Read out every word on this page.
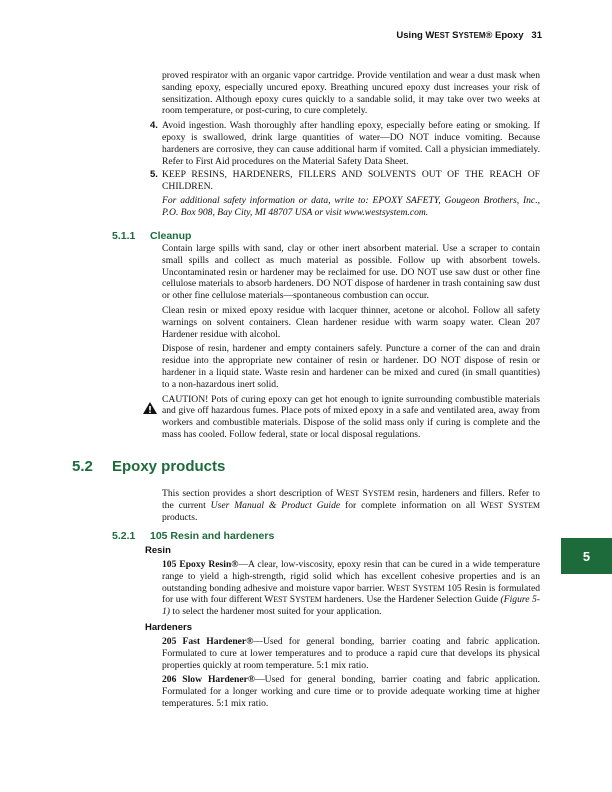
Using WEST SYSTEM® Epoxy 31

proved respirator with an organic vapor cartridge. Provide ventilation and wear a dust mask when sanding epoxy, especially uncured epoxy. Breathing uncured epoxy dust increases your risk of sensitization. Although epoxy cures quickly to a sandable solid, it may take over two weeks at room temperature, or post-curing, to cure completely.

4. Avoid ingestion. Wash thoroughly after handling epoxy, especially before eating or smoking. If epoxy is swallowed, drink large quantities of water—DO NOT induce vomiting. Because hardeners are corrosive, they can cause additional harm if vomited. Call a physician immediately. Refer to First Aid procedures on the Material Safety Data Sheet.
5. KEEP RESINS, HARDENERS, FILLERS AND SOLVENTS OUT OF THE REACH OF CHILDREN.

For additional safety information or data, write to: EPOXY SAFETY, Gougeon Brothers, Inc., P.O. Box 908, Bay City, MI 48707 USA or visit www.westsystem.com.

5.1.1 Cleanup

Contain large spills with sand, clay or other inert absorbent material. Use a scraper to contain small spills and collect as much material as possible. Follow up with absorbent towels. Uncontaminated resin or hardener may be reclaimed for use. DO NOT use saw dust or other fine cellulose materials to absorb hardeners. DO NOT dispose of hardener in trash containing saw dust or other fine cellulose materials—spontaneous combustion can occur.

Clean resin or mixed epoxy residue with lacquer thinner, acetone or alcohol. Follow all safety warnings on solvent containers. Clean hardener residue with warm soapy water. Clean 207 Hardener residue with alcohol.

Dispose of resin, hardener and empty containers safely. Puncture a corner of the can and drain residue into the appropriate new container of resin or hardener. DO NOT dispose of resin or hardener in a liquid state. Waste resin and hardener can be mixed and cured (in small quantities) to a non-hazardous inert solid.

CAUTION! Pots of curing epoxy can get hot enough to ignite surrounding combustible materials and give off hazardous fumes. Place pots of mixed epoxy in a safe and ventilated area, away from workers and combustible materials. Dispose of the solid mass only if curing is complete and the mass has cooled. Follow federal, state or local disposal regulations.

5.2 Epoxy products

This section provides a short description of WEST SYSTEM resin, hardeners and fillers. Refer to the current User Manual & Product Guide for complete information on all WEST SYSTEM products.

5.2.1 105 Resin and hardeners
Resin

105 Epoxy Resin®—A clear, low-viscosity, epoxy resin that can be cured in a wide temperature range to yield a high-strength, rigid solid which has excellent cohesive properties and is an outstanding bonding adhesive and moisture vapor barrier. WEST SYSTEM 105 Resin is formulated for use with four different WEST SYSTEM hardeners. Use the Hardener Selection Guide (Figure 5-1) to select the hardener most suited for your application.

Hardeners

205 Fast Hardener®—Used for general bonding, barrier coating and fabric application. Formulated to cure at lower temperatures and to produce a rapid cure that develops its physical properties quickly at room temperature. 5:1 mix ratio.

206 Slow Hardener®—Used for general bonding, barrier coating and fabric application. Formulated for a longer working and cure time or to provide adequate working time at higher temperatures. 5:1 mix ratio.

5
